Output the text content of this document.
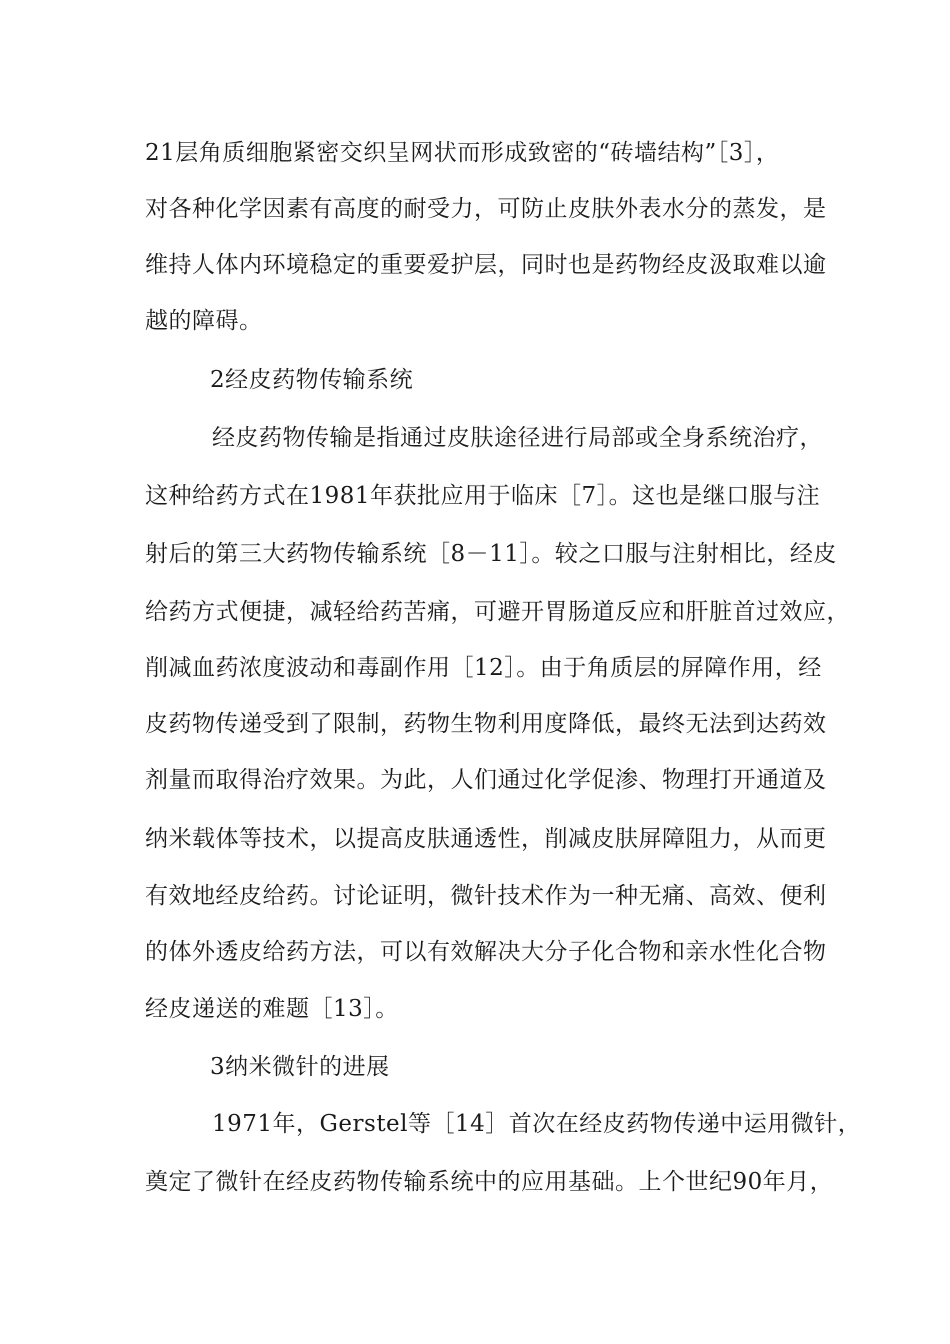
21层角质细胞紧密交织呈网状而形成致密的“砖墙结构”［3］，
对各种化学因素有高度的耐受力，可防止皮肤外表水分的蒸发，是
维持人体内环境稳定的重要爱护层，同时也是药物经皮汲取难以逾
越的障碍。
2经皮药物传输系统
经皮药物传输是指通过皮肤途径进行局部或全身系统治疗，
这种给药方式在1981年获批应用于临床［7］。这也是继口服与注
射后的第三大药物传输系统［8－11］。较之口服与注射相比，经皮
给药方式便捷，减轻给药苦痛，可避开胃肠道反应和肝脏首过效应，
削减血药浓度波动和毒副作用［12］。由于角质层的屏障作用，经
皮药物传递受到了限制，药物生物利用度降低，最终无法到达药效
剂量而取得治疗效果。为此，人们通过化学促渗、物理打开通道及
纳米载体等技术，以提高皮肤通透性，削减皮肤屏障阻力，从而更
有效地经皮给药。讨论证明，微针技术作为一种无痛、高效、便利
的体外透皮给药方法，可以有效解决大分子化合物和亲水性化合物
经皮递送的难题［13］。
3纳米微针的进展
1971年，Gerstel等［14］首次在经皮药物传递中运用微针，
奠定了微针在经皮药物传输系统中的应用基础。上个世纪90年月，
